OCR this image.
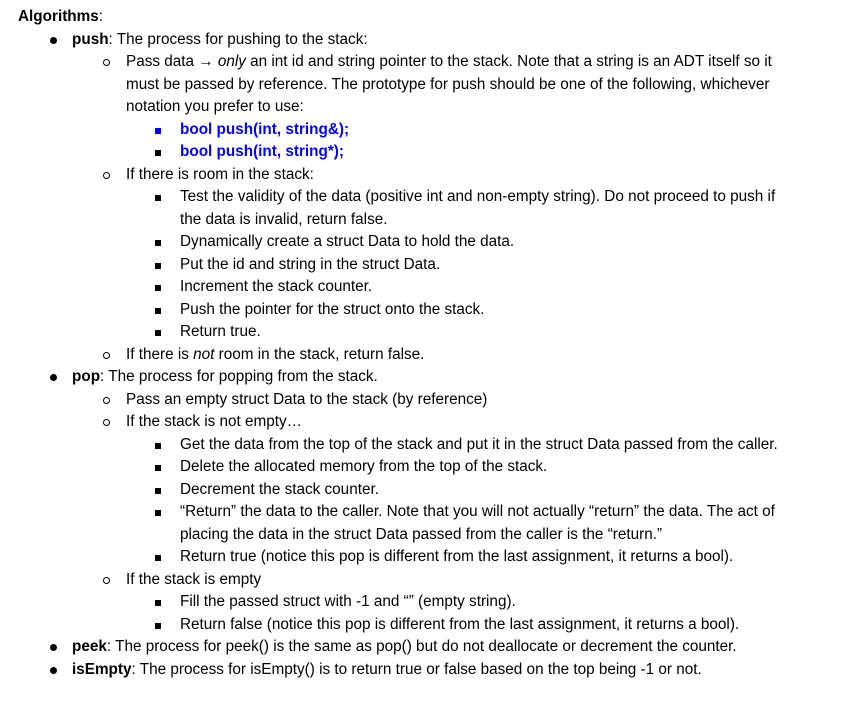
Algorithms:
push: The process for pushing to the stack:
Pass data → only an int id and string pointer to the stack. Note that a string is an ADT itself so it
must be passed by reference. The prototype for push should be one of the following, whichever
notation you prefer to use:
bool push(int, string&);
bool push(int, string*);
If there is room in the stack:
Test the validity of the data (positive int and non-empty string). Do not proceed to push if
the data is invalid, return false.
Dynamically create a struct Data to hold the data.
Put the id and string in the struct Data.
Increment the stack counter.
Push the pointer for the struct onto the stack.
Return true.
If there is not room in the stack, return false.
pop: The process for popping from the stack.
Pass an empty struct Data to the stack (by reference)
If the stack is not empty…
Get the data from the top of the stack and put it in the struct Data passed from the caller.
Delete the allocated memory from the top of the stack.
Decrement the stack counter.
“Return” the data to the caller. Note that you will not actually “return” the data. The act of
placing the data in the struct Data passed from the caller is the “return.”
Return true (notice this pop is different from the last assignment, it returns a bool).
If the stack is empty
Fill the passed struct with -1 and “” (empty string).
Return false (notice this pop is different from the last assignment, it returns a bool).
peek: The process for peek() is the same as pop() but do not deallocate or decrement the counter.
isEmpty: The process for isEmpty() is to return true or false based on the top being -1 or not.
